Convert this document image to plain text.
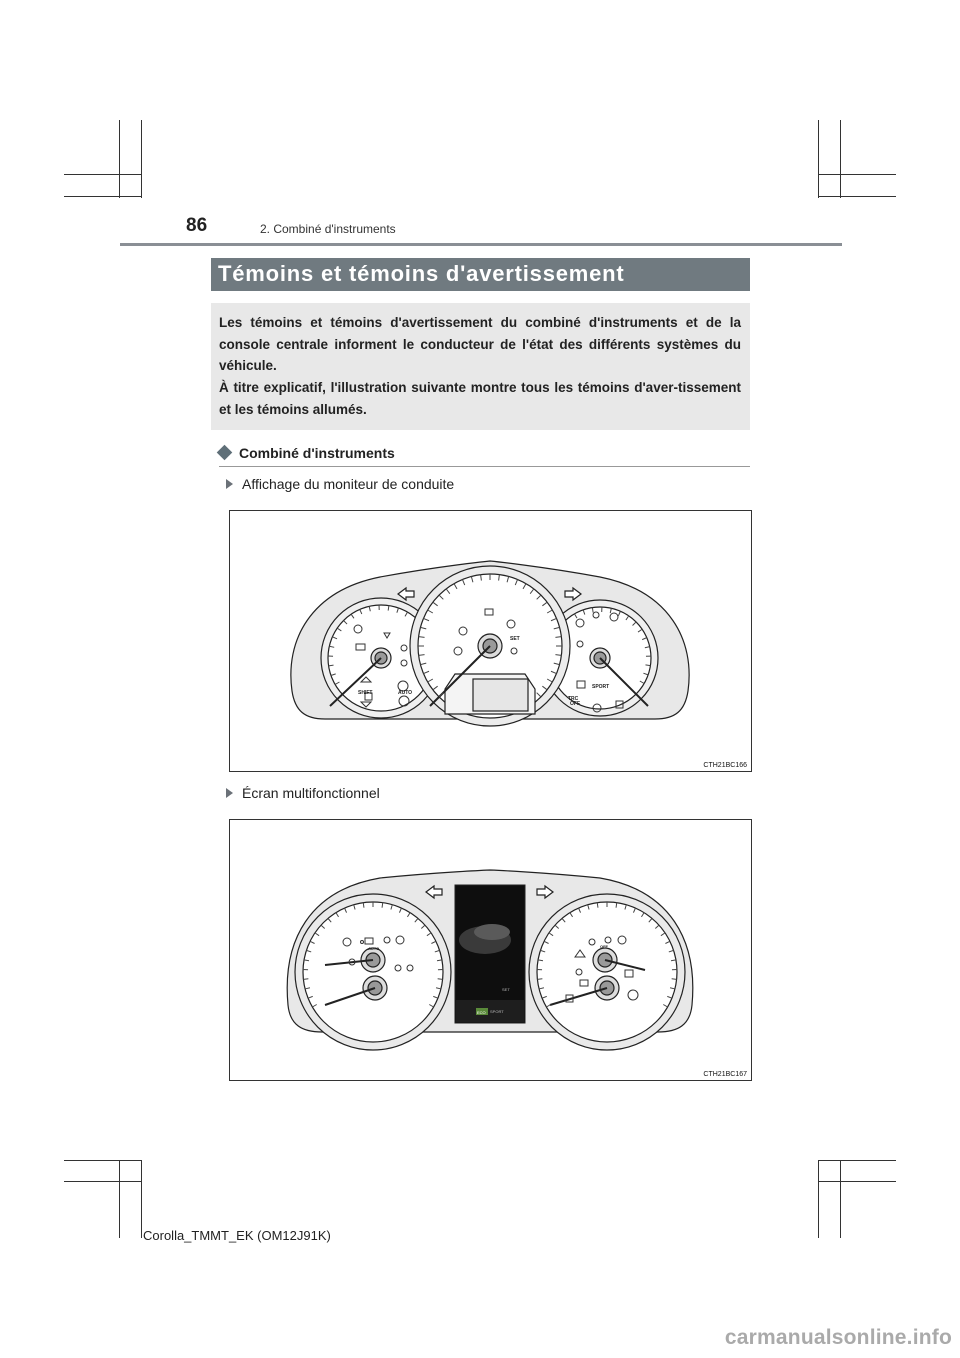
86	2. Combiné d'instruments
Témoins et témoins d'avertissement

Les témoins et témoins d'avertissement du combiné d'instruments et de la console centrale informent le conducteur de l'état des différents systèmes du véhicule.

À titre explicatif, l'illustration suivante montre tous les témoins d'aver-tissement et les témoins allumés.

Combiné d'instruments
Affichage du moniteur de conduite
SET
SHIFT
SPORT
TRC
OFF
AUTO
CTH21BC166
Écran multifonctionnel
SET
SPORT
ECO
AUTO	OFF
CTH21BC167
Corolla_TMMT_EK (OM12J91K)
carmanualsonline.info
